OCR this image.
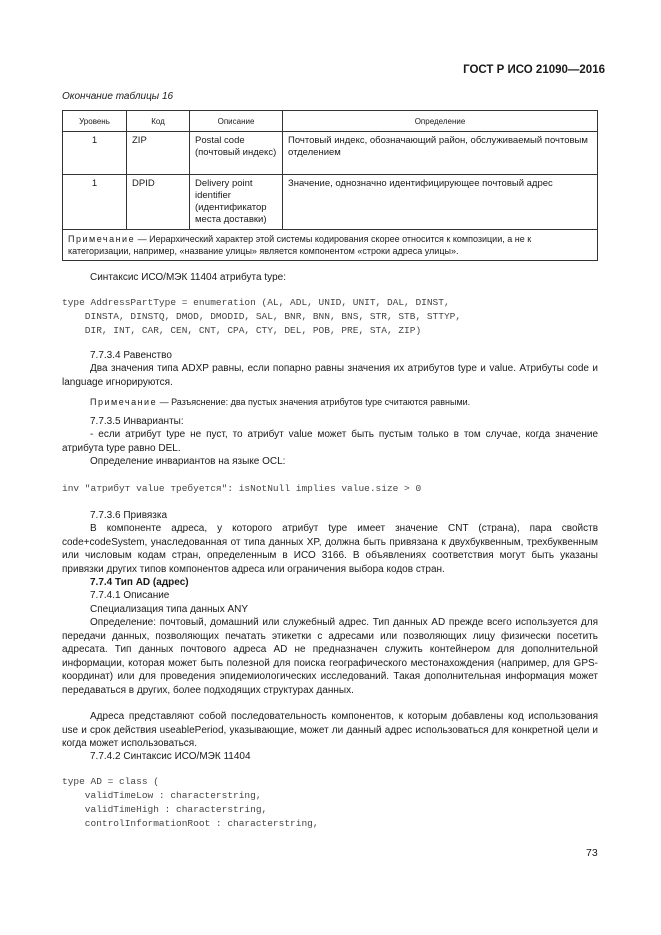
ГОСТ Р ИСО 21090—2016
Окончание таблицы 16
Уровень	Код	Описание	Определение
1	ZIP	Postal code (почтовый индекс)	Почтовый индекс, обозначающий район, обслуживаемый почтовым отделением
1	DPID	Delivery point identifier (идентификатор места доставки)	Значение, однозначно идентифицирующее почтовый адрес
Примечание — Иерархический характер этой системы кодирования скорее относится к композиции, а не к категоризации, например, «название улицы» является компонентом «строки адреса улицы».			
Синтаксис ИСО/МЭК 11404 атрибута type:
type AddressPartType = enumeration (AL, ADL, UNID, UNIT, DAL, DINST,
DINSTA, DINSTQ, DMOD, DMODID, SAL, BNR, BNN, BNS, STR, STB, STTYP,
DIR, INT, CAR, CEN, CNT, CPA, CTY, DEL, POB, PRE, STA, ZIP)
7.7.3.4 Равенство
Два значения типа ADXP равны, если попарно равны значения их атрибутов type и value. Атрибуты code и language игнорируются.
Примечание — Разъяснение: два пустых значения атрибутов type считаются равными.
7.7.3.5 Инварианты:
- если атрибут type не пуст, то атрибут value может быть пустым только в том случае, когда значение атрибута type равно DEL.
Определение инвариантов на языке OCL:
inv "атрибут value требуется": isNotNull implies value.size > 0
7.7.3.6 Привязка
В компоненте адреса, у которого атрибут type имеет значение CNT (страна), пара свойств code+codeSystem, унаследованная от типа данных XP, должна быть привязана к двухбуквенным, трехбуквенным или числовым кодам стран, определенным в ИСО 3166. В объявлениях соответствия могут быть указаны привязки других типов компонентов адреса или ограничения выбора кодов стран.
7.7.4 Тип AD (адрес)
7.7.4.1 Описание
Специализация типа данных ANY
Определение: почтовый, домашний или служебный адрес. Тип данных AD прежде всего используется для передачи данных, позволяющих печатать этикетки с адресами или позволяющих лицу физически посетить адресата. Тип данных почтового адреса AD не предназначен служить контейнером для дополнительной информации, которая может быть полезной для поиска географического местонахождения (например, для GPS-координат) или для проведения эпидемиологических исследований. Такая дополнительная информация может передаваться в других, более подходящих структурах данных.
Адреса представляют собой последовательность компонентов, к которым добавлены код использования use и срок действия useablePeriod, указывающие, может ли данный адрес использоваться для конкретной цели и когда может использоваться.
7.7.4.2 Синтаксис ИСО/МЭК 11404
type AD = class (
validTimeLow : characterstring,
validTimeHigh : characterstring,
controlInformationRoot : characterstring,
73
